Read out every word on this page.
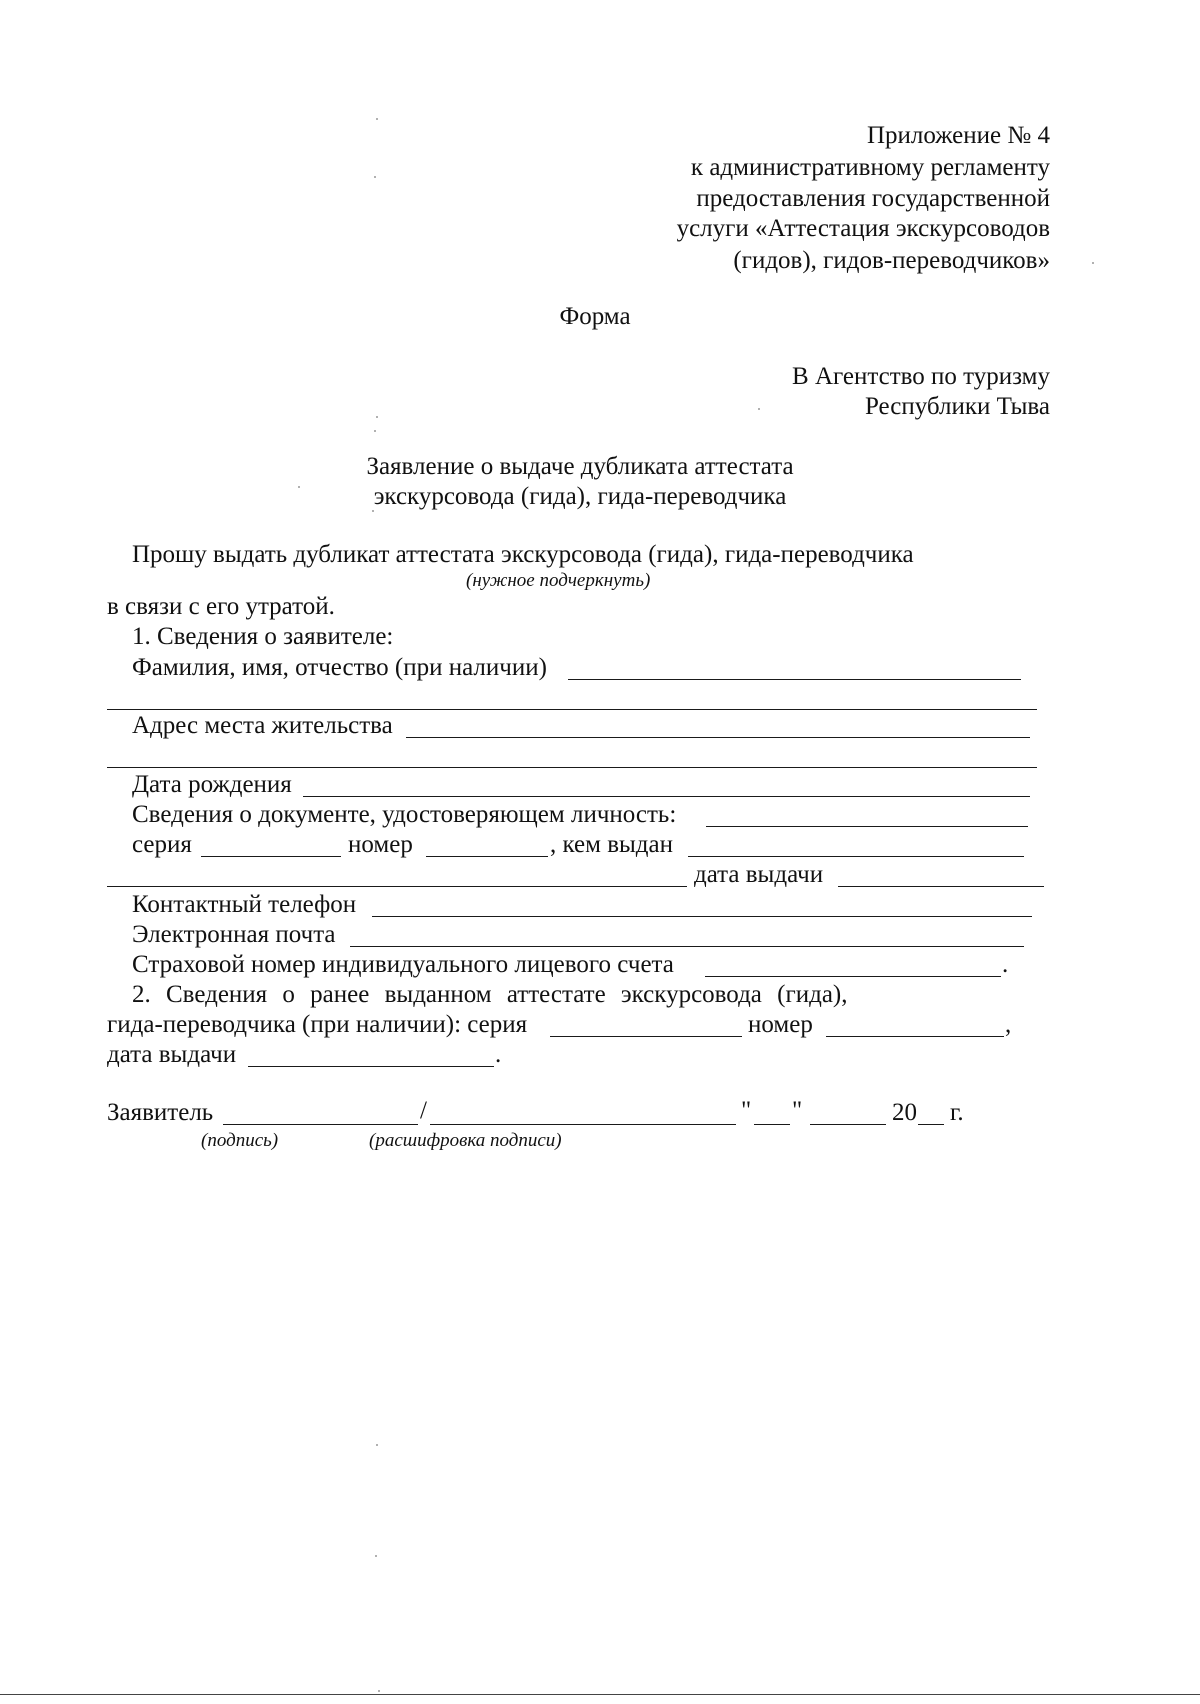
Приложение № 4
к административному регламенту
предоставления государственной
услуги «Аттестация экскурсоводов
(гидов), гидов-переводчиков»
Форма
В Агентство по туризму
Республики Тыва
Заявление о выдаче дубликата аттестата
экскурсовода (гида), гида-переводчика
Прошу выдать дубликат аттестата экскурсовода (гида), гида-переводчика
(нужное подчеркнуть)
в связи с его утратой.
1. Сведения о заявителе:
Фамилия, имя, отчество (при наличии)
Адрес места жительства
Дата рождения
Сведения о документе, удостоверяющем личность:
серия	номер	, кем выдан
дата выдачи
Контактный телефон
Электронная почта
Страховой номер индивидуального лицевого счета	.
2. Сведения о ранее выданном аттестате экскурсовода (гида),
гида-переводчика (при наличии): серия	номер	,
дата выдачи	.
Заявитель	/	" "	20 г.
(подпись)	(расшифровка подписи)
